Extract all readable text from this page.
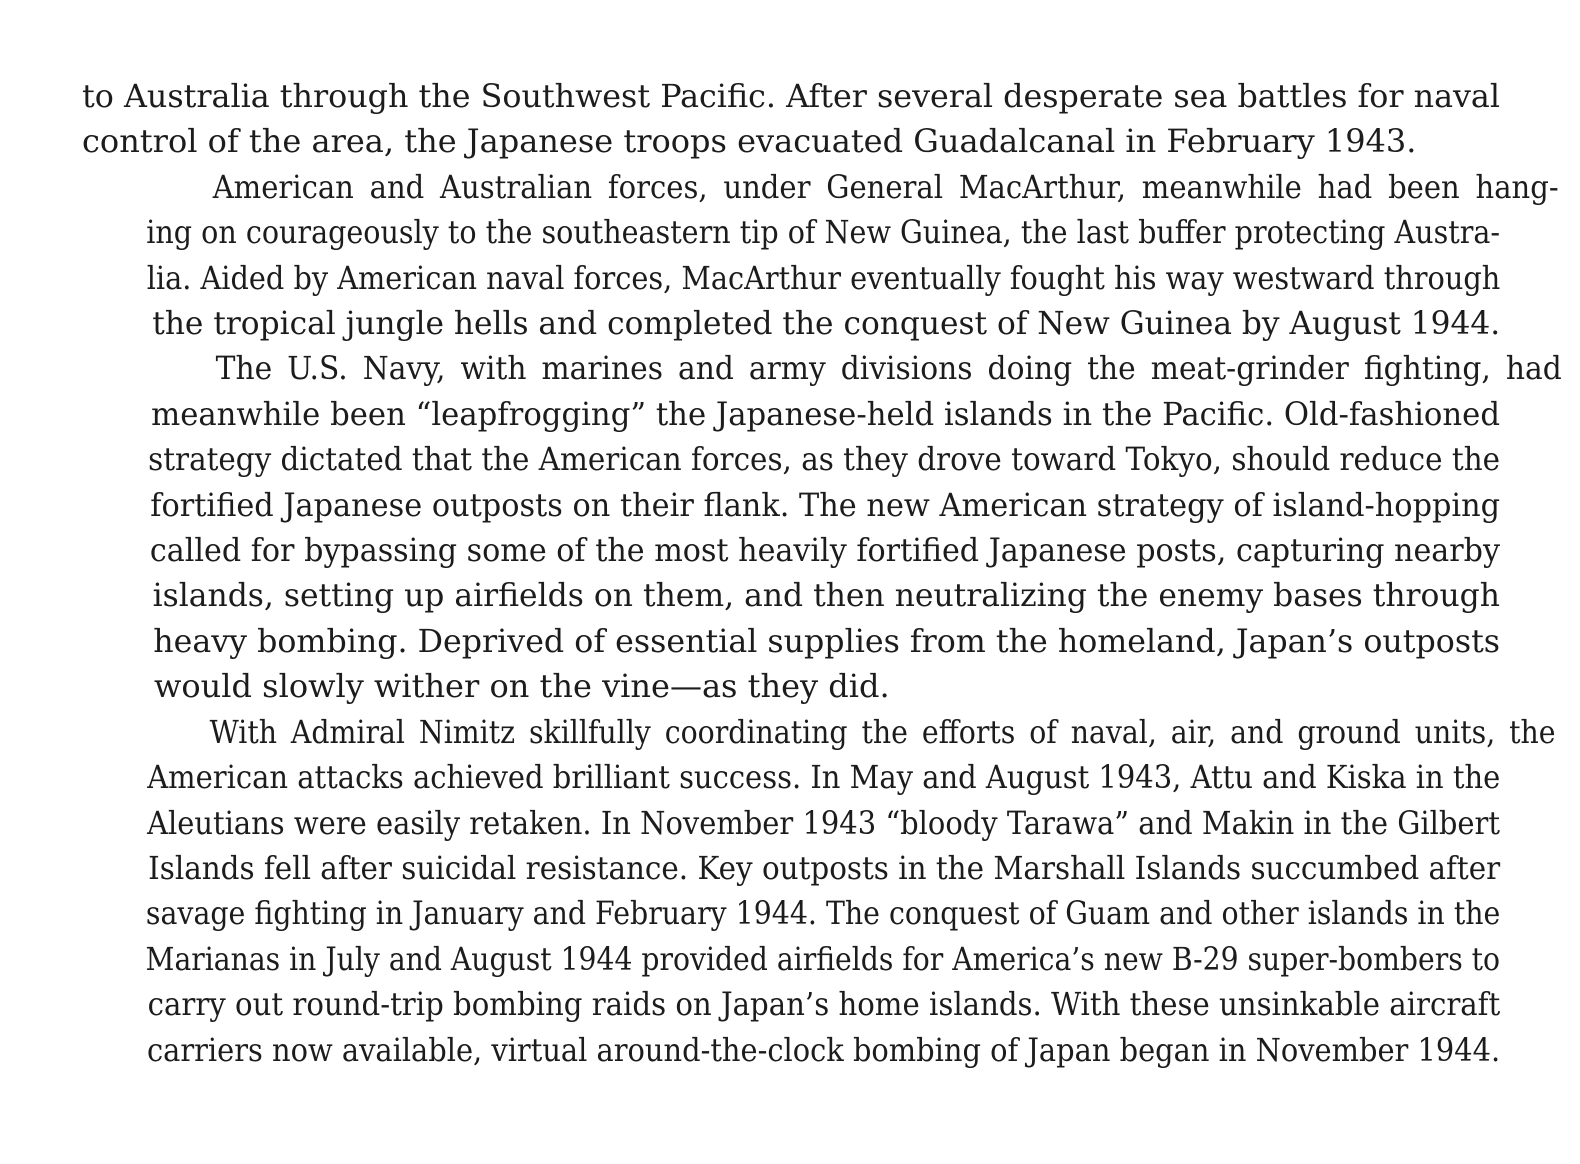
to Australia through the Southwest Pacific. After several desperate sea battles for naval
control of the area, the Japanese troops evacuated Guadalcanal in February 1943.
American and Australian forces, under General MacArthur, meanwhile had been hang-
ing on courageously to the southeastern tip of New Guinea, the last buffer protecting Austra-
lia. Aided by American naval forces, MacArthur eventually fought his way westward through
the tropical jungle hells and completed the conquest of New Guinea by August 1944.
The U.S. Navy, with marines and army divisions doing the meat-grinder fighting, had
meanwhile been “leapfrogging” the Japanese-held islands in the Pacific. Old-fashioned
strategy dictated that the American forces, as they drove toward Tokyo, should reduce the
fortified Japanese outposts on their flank. The new American strategy of island-hopping
called for bypassing some of the most heavily fortified Japanese posts, capturing nearby
islands, setting up airfields on them, and then neutralizing the enemy bases through
heavy bombing. Deprived of essential supplies from the homeland, Japan’s outposts
would slowly wither on the vine—as they did.
With Admiral Nimitz skillfully coordinating the efforts of naval, air, and ground units, the
American attacks achieved brilliant success. In May and August 1943, Attu and Kiska in the
Aleutians were easily retaken. In November 1943 “bloody Tarawa” and Makin in the Gilbert
Islands fell after suicidal resistance. Key outposts in the Marshall Islands succumbed after
savage fighting in January and February 1944. The conquest of Guam and other islands in the
Marianas in July and August 1944 provided airfields for America’s new B-29 super-bombers to
carry out round-trip bombing raids on Japan’s home islands. With these unsinkable aircraft
carriers now available, virtual around-the-clock bombing of Japan began in November 1944.
